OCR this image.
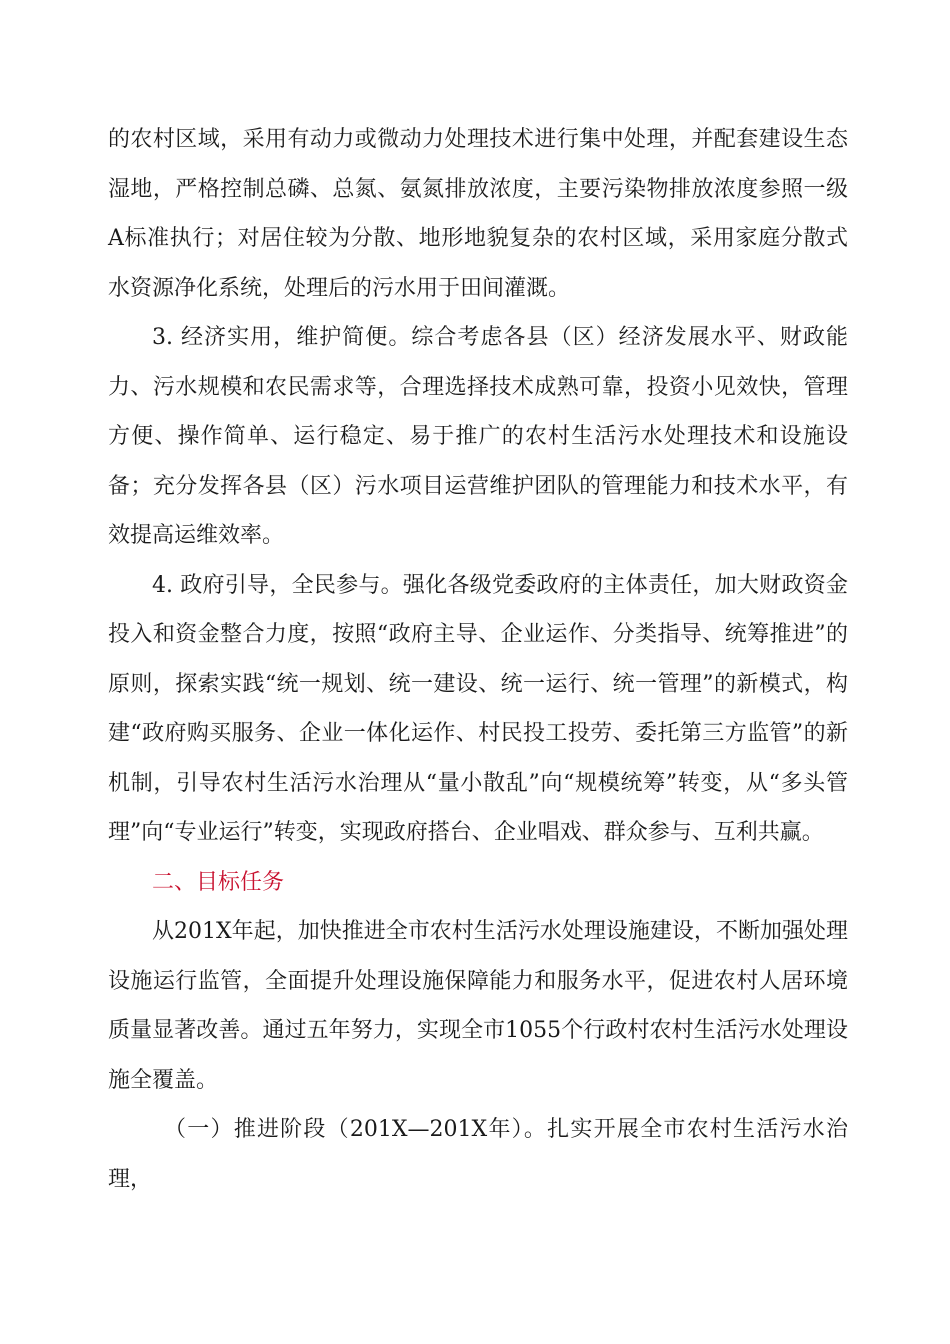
的农村区域，采用有动力或微动力处理技术进行集中处理，并配套建设生态湿地，严格控制总磷、总氮、氨氮排放浓度，主要污染物排放浓度参照一级A标准执行；对居住较为分散、地形地貌复杂的农村区域，采用家庭分散式水资源净化系统，处理后的污水用于田间灌溉。

3. 经济实用，维护简便。综合考虑各县（区）经济发展水平、财政能力、污水规模和农民需求等，合理选择技术成熟可靠，投资小见效快，管理方便、操作简单、运行稳定、易于推广的农村生活污水处理技术和设施设备；充分发挥各县（区）污水项目运营维护团队的管理能力和技术水平，有效提高运维效率。

4. 政府引导，全民参与。强化各级党委政府的主体责任，加大财政资金投入和资金整合力度，按照“政府主导、企业运作、分类指导、统筹推进”的原则，探索实践“统一规划、统一建设、统一运行、统一管理”的新模式，构建“政府购买服务、企业一体化运作、村民投工投劳、委托第三方监管”的新机制，引导农村生活污水治理从“量小散乱”向“规模统筹”转变，从“多头管理”向“专业运行”转变，实现政府搭台、企业唱戏、群众参与、互利共赢。

二、目标任务

从201X年起，加快推进全市农村生活污水处理设施建设，不断加强处理设施运行监管，全面提升处理设施保障能力和服务水平，促进农村人居环境质量显著改善。通过五年努力，实现全市1055个行政村农村生活污水处理设施全覆盖。

（一）推进阶段（201X—201X年）。扎实开展全市农村生活污水治理，
